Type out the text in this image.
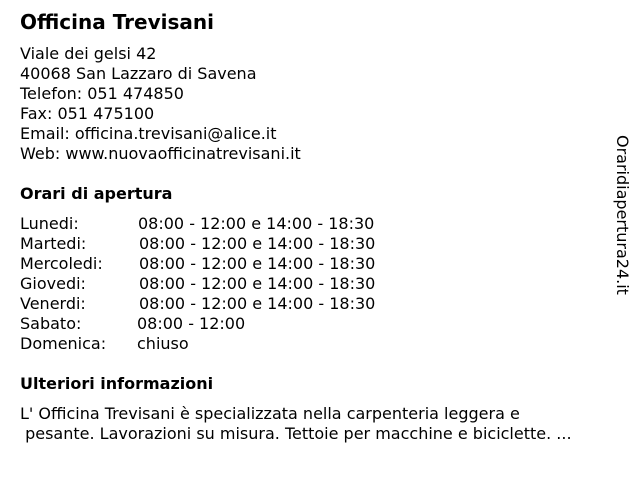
Officina Trevisani
Viale dei gelsi 42
40068 San Lazzaro di Savena
Telefon: 051 474850
Fax: 051 475100
Email: officina.trevisani@alice.it
Web: www.nuovaofficinatrevisani.it
Orari di apertura
Lunedi:	08:00 - 12:00 e 14:00 - 18:30
Martedi:	08:00 - 12:00 e 14:00 - 18:30
Mercoledi: 08:00 - 12:00 e 14:00 - 18:30
Giovedi:	08:00 - 12:00 e 14:00 - 18:30
Venerdi:	08:00 - 12:00 e 14:00 - 18:30
Sabato:	08:00 - 12:00
Domenica: chiuso
Ulteriori informazioni
L' Officina Trevisani è specializzata nella carpenteria leggera e
pesante. Lavorazioni su misura. Tettoie per macchine e biciclette. ...
Oraridiapertura24.it
